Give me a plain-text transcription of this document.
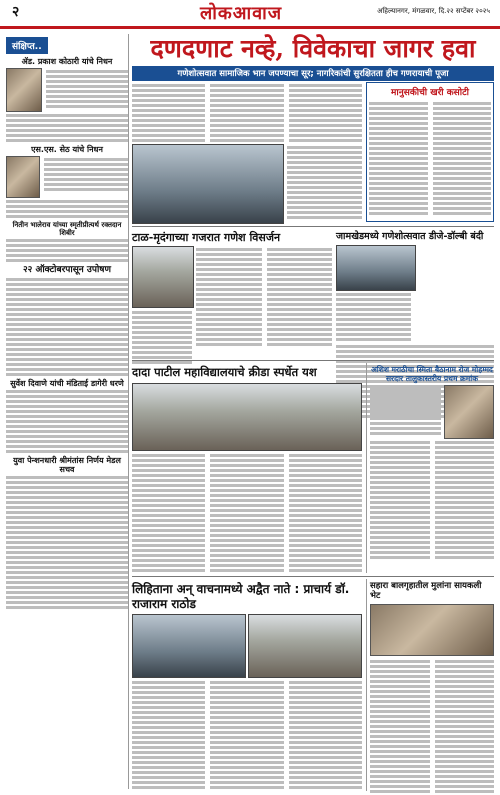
२	लोकआवाज	अहिल्यानगर, मंगळवार, दि.२२ सप्टेंबर २०२५
संक्षिप्त..
ॲड. प्रकाश कोठारी यांचे निधन
एस.एस. सेठ यांचे निधन
नितीन भालेराव यांच्या स्मृतीप्रीत्यर्थ रक्तदान शिबीर
२२ ऑक्टोबरपासून उपोषण
सुर्वेश दिवाणे यांची मंडिताई डागेरी धरणे
युवा पेन्शनधारी श्रीमंतांस निर्णय मेडल सचव
दणदणाट नव्हे, विवेकाचा जागर हवा
गणेशोत्सवात सामाजिक भान जपण्याचा सूर; नागरिकांची सुरक्षितता हीच गणरायाची पूजा
मानुसकीची खरी कसोटी
टाळ-मृदंगाच्या गजरात गणेश विसर्जन	जामखेडमध्ये गणेशोत्सवात डीजे-डॉल्बी बंदी

दादा पाटील महाविद्यालयाचे क्रीडा स्पर्धेत यश	अशिश मराठीचा स्मिता बैठानाम रोज मोहम्मद सरदार तालुकास्तरीय प्रथम क्रमांक
लिहिताना अन्‌ वाचनामध्ये अद्वैत नाते : प्राचार्य डॉ. राजाराम राठोड
सहारा बालगृहातील मुलांना सायकली भेट
